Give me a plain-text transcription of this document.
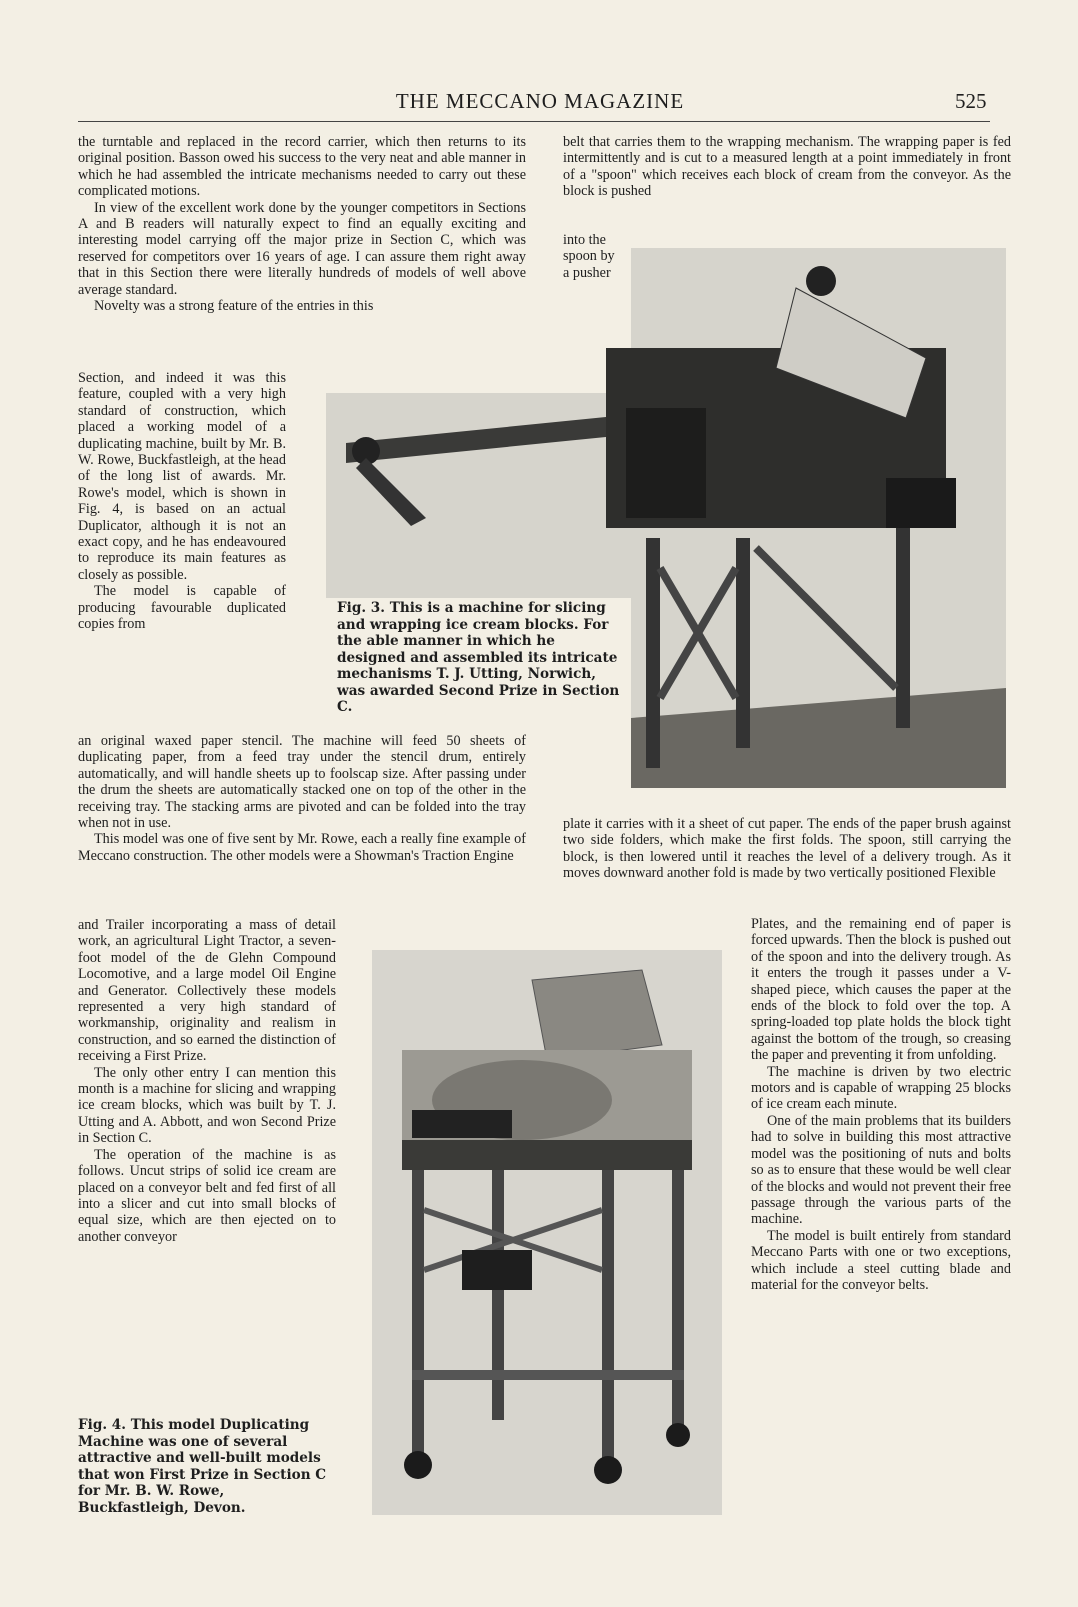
THE MECCANO MAGAZINE	525

the turntable and replaced in the record carrier, which then returns to its original position. Basson owed his success to the very neat and able manner in which he had assembled the intricate mechanisms needed to carry out these complicated motions.

In view of the excellent work done by the younger competitors in Sections A and B readers will naturally expect to find an equally exciting and interesting model carrying off the major prize in Section C, which was reserved for competitors over 16 years of age. I can assure them right away that in this Section there were literally hundreds of models of well above average standard.

Novelty was a strong feature of the entries in this

Section, and indeed it was this feature, coupled with a very high standard of construction, which placed a working model of a duplicating machine, built by Mr. B. W. Rowe, Buckfastleigh, at the head of the long list of awards. Mr. Rowe's model, which is shown in Fig. 4, is based on an actual Duplicator, although it is not an exact copy, and he has endeavoured to reproduce its main features as closely as possible.

The model is capable of producing favourable duplicated copies from

an original waxed paper stencil. The machine will feed 50 sheets of duplicating paper, from a feed tray under the stencil drum, entirely automatically, and will handle sheets up to foolscap size. After passing under the drum the sheets are automatically stacked one on top of the other in the receiving tray. The stacking arms are pivoted and can be folded into the tray when not in use.

This model was one of five sent by Mr. Rowe, each a really fine example of Meccano construction. The other models were a Showman's Traction Engine

and Trailer incorporating a mass of detail work, an agricultural Light Tractor, a seven-foot model of the de Glehn Compound Locomotive, and a large model Oil Engine and Generator. Collectively these models represented a very high standard of workmanship, originality and realism in construction, and so earned the distinction of receiving a First Prize.

The only other entry I can mention this month is a machine for slicing and wrapping ice cream blocks, which was built by T. J. Utting and A. Abbott, and won Second Prize in Section C.

The operation of the machine is as follows. Uncut strips of solid ice cream are placed on a conveyor belt and fed first of all into a slicer and cut into small blocks of equal size, which are then ejected on to another conveyor

Fig. 4. This model Duplicating Machine was one of several attractive and well-built models that won First Prize in Section C for Mr. B. W. Rowe, Buckfastleigh, Devon.

belt that carries them to the wrapping mechanism. The wrapping paper is fed intermittently and is cut to a measured length at a point immediately in front of a "spoon" which receives each block of cream from the conveyor. As the block is pushed

into the spoon by a pusher

plate it carries with it a sheet of cut paper. The ends of the paper brush against two side folders, which make the first folds. The spoon, still carrying the block, is then lowered until it reaches the level of a delivery trough. As it moves downward another fold is made by two vertically positioned Flexible

Plates, and the remaining end of paper is forced upwards. Then the block is pushed out of the spoon and into the delivery trough. As it enters the trough it passes under a V-shaped piece, which causes the paper at the ends of the block to fold over the top. A spring-loaded top plate holds the block tight against the bottom of the trough, so creasing the paper and preventing it from unfolding.

The machine is driven by two electric motors and is capable of wrapping 25 blocks of ice cream each minute.

One of the main problems that its builders had to solve in building this most attractive model was the positioning of nuts and bolts so as to ensure that these would be well clear of the blocks and would not prevent their free passage through the various parts of the machine.

The model is built entirely from standard Meccano Parts with one or two exceptions, which include a steel cutting blade and material for the conveyor belts.

Fig. 3. This is a machine for slicing and wrapping ice cream blocks. For the able manner in which he designed and assembled its intricate mechanisms T. J. Utting, Norwich, was awarded Second Prize in Section C.
